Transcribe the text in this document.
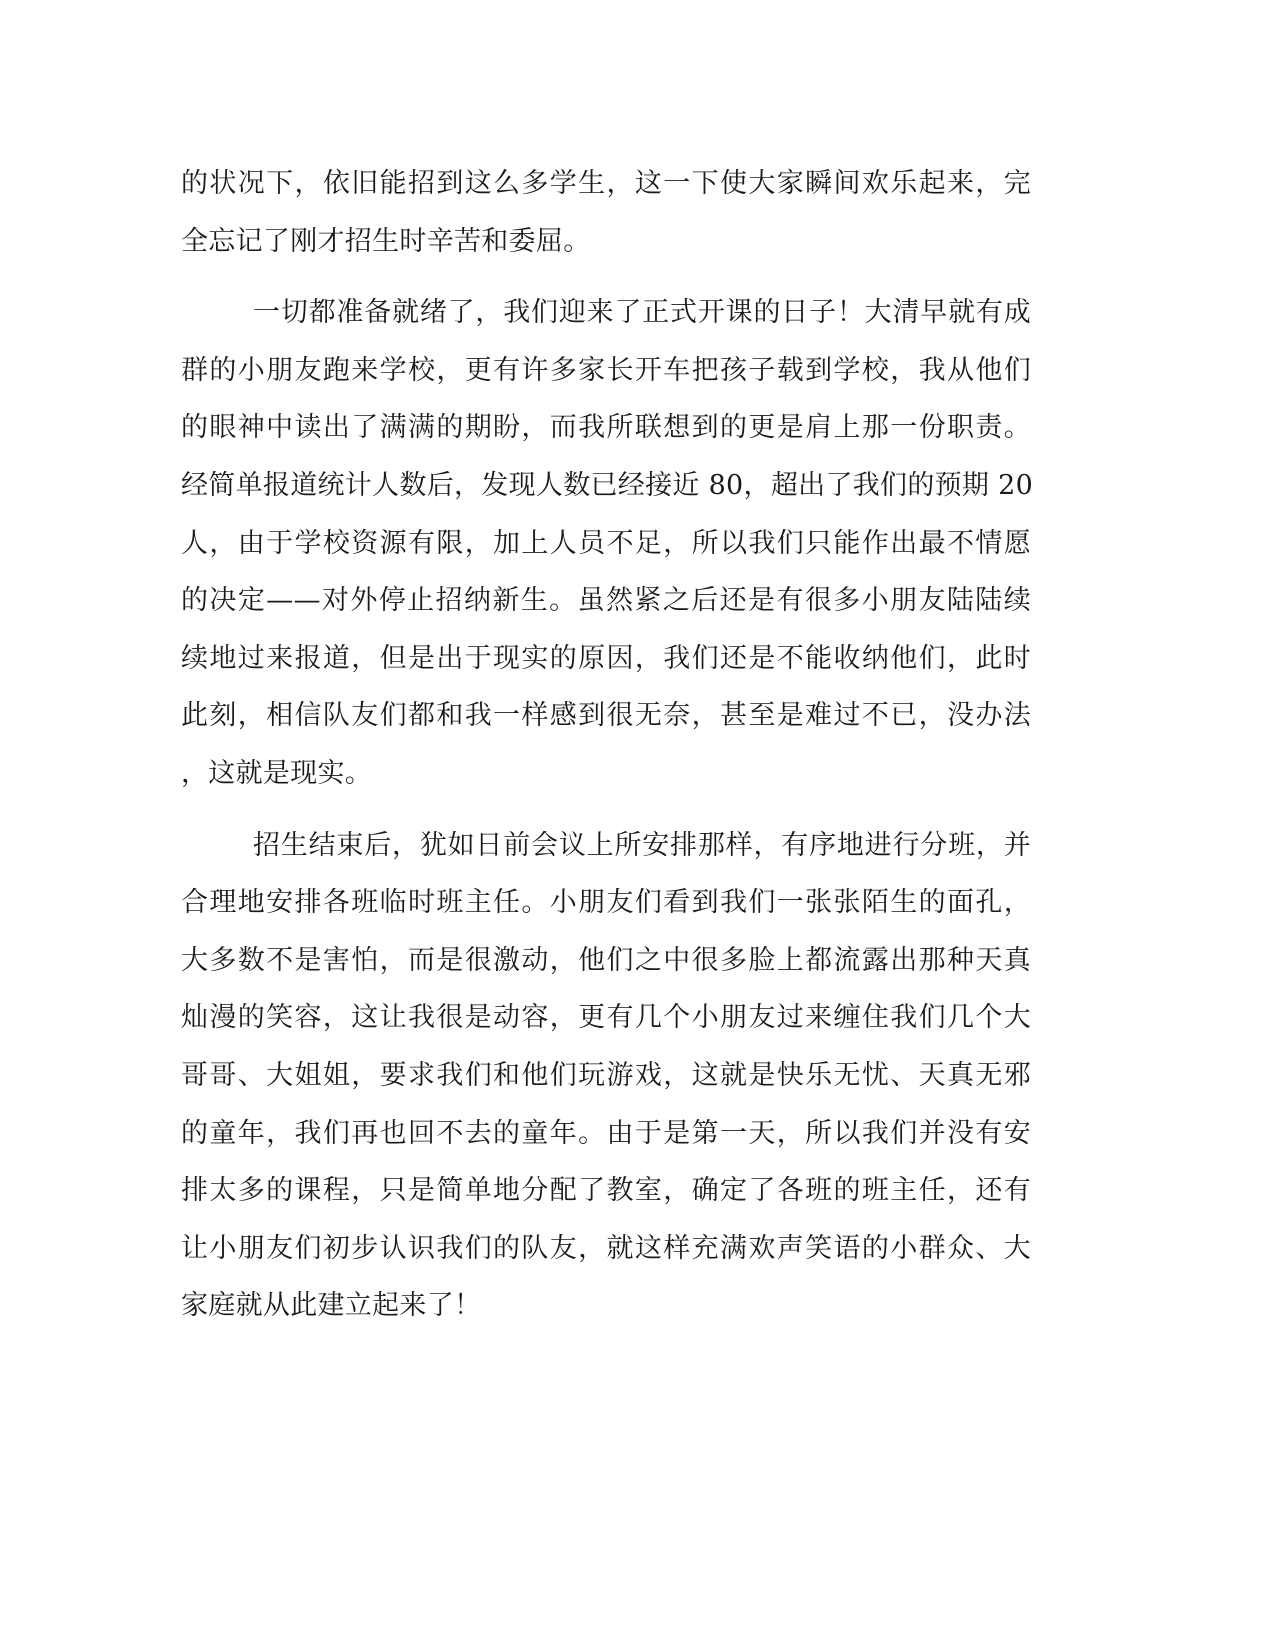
的状况下，依旧能招到这么多学生，这一下使大家瞬间欢乐起来，完
全忘记了刚才招生时辛苦和委屈。
一切都准备就绪了，我们迎来了正式开课的日子！大清早就有成
群的小朋友跑来学校，更有许多家长开车把孩子载到学校，我从他们
的眼神中读出了满满的期盼，而我所联想到的更是肩上那一份职责。
经简单报道统计人数后，发现人数已经接近 80，超出了我们的预期 20
人，由于学校资源有限，加上人员不足，所以我们只能作出最不情愿
的决定——对外停止招纳新生。虽然紧之后还是有很多小朋友陆陆续
续地过来报道，但是出于现实的原因，我们还是不能收纳他们，此时
此刻，相信队友们都和我一样感到很无奈，甚至是难过不已，没办法
，这就是现实。
招生结束后，犹如日前会议上所安排那样，有序地进行分班，并
合理地安排各班临时班主任。小朋友们看到我们一张张陌生的面孔，
大多数不是害怕，而是很激动，他们之中很多脸上都流露出那种天真
灿漫的笑容，这让我很是动容，更有几个小朋友过来缠住我们几个大
哥哥、大姐姐，要求我们和他们玩游戏，这就是快乐无忧、天真无邪
的童年，我们再也回不去的童年。由于是第一天，所以我们并没有安
排太多的课程，只是简单地分配了教室，确定了各班的班主任，还有
让小朋友们初步认识我们的队友，就这样充满欢声笑语的小群众、大
家庭就从此建立起来了！
